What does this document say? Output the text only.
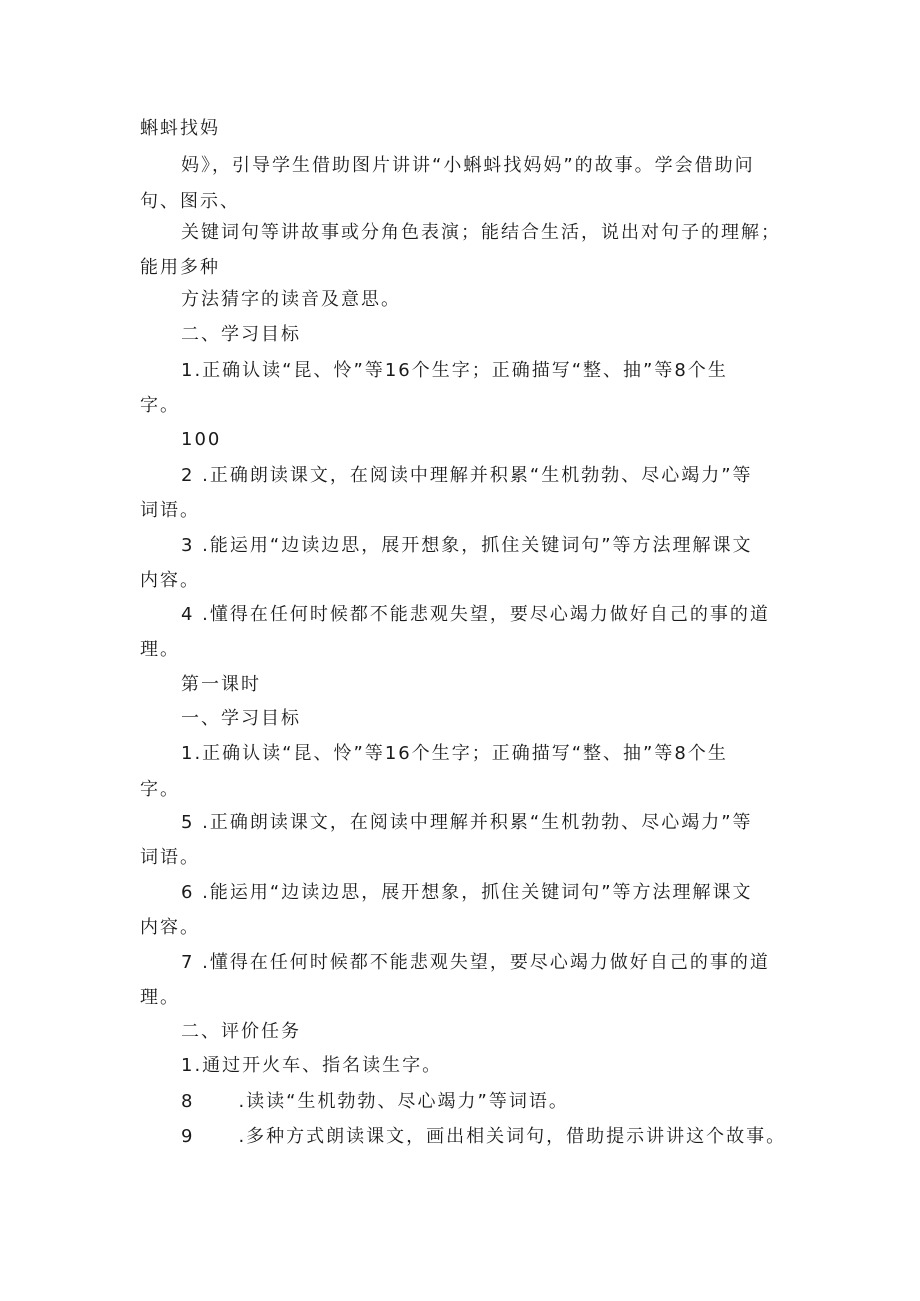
蝌蚪找妈
妈》，引导学生借助图片讲讲“小蝌蚪找妈妈”的故事。学会借助问
句、图示、
关键词句等讲故事或分角色表演；能结合生活，说出对句子的理解；
能用多种
方法猜字的读音及意思。
二、学习目标
1.正确认读“昆、怜”等16个生字；正确描写“整、抽”等8个生
字。
100
2 .正确朗读课文，在阅读中理解并积累“生机勃勃、尽心竭力”等
词语。
3 .能运用“边读边思，展开想象，抓住关键词句”等方法理解课文
内容。
4 .懂得在任何时候都不能悲观失望，要尽心竭力做好自己的事的道
理。
第一课时
一、学习目标
1.正确认读“昆、怜”等16个生字；正确描写“整、抽”等8个生
字。
5 .正确朗读课文，在阅读中理解并积累“生机勃勃、尽心竭力”等
词语。
6 .能运用“边读边思，展开想象，抓住关键词句”等方法理解课文
内容。
7 .懂得在任何时候都不能悲观失望，要尽心竭力做好自己的事的道
理。
二、评价任务
1.通过开火车、指名读生字。
8 .读读“生机勃勃、尽心竭力”等词语。
9 .多种方式朗读课文，画出相关词句，借助提示讲讲这个故事。
